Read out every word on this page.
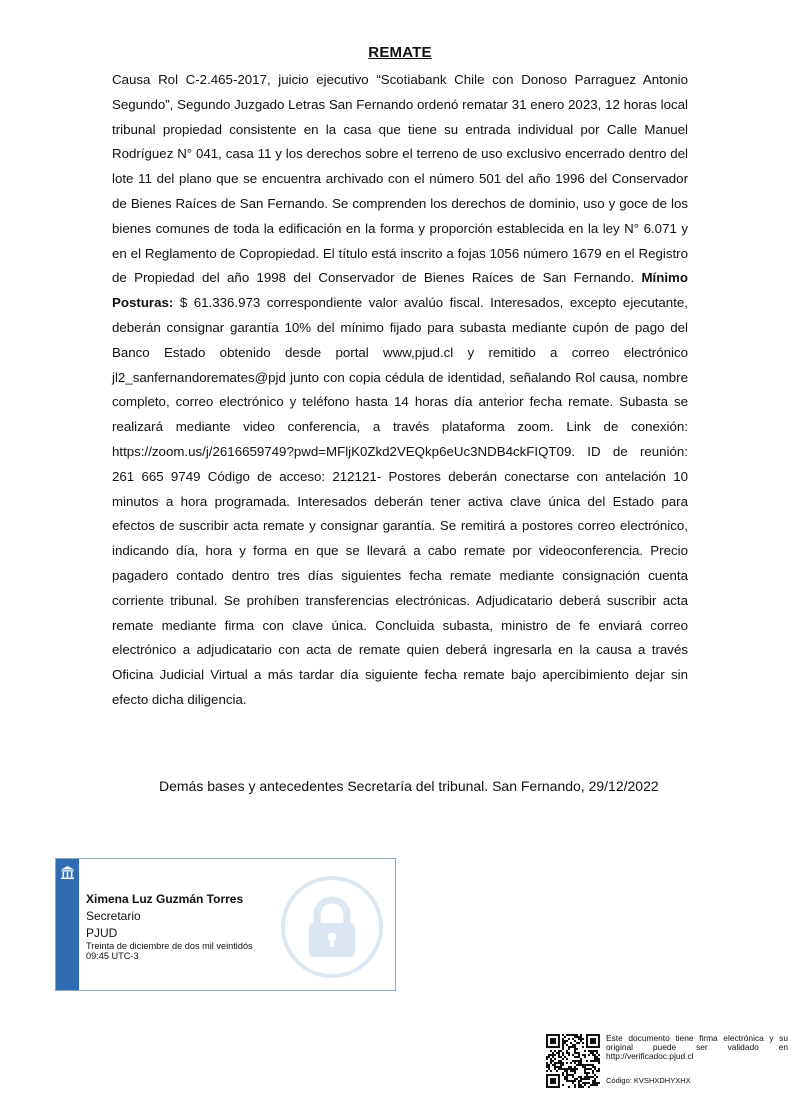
REMATE

Causa Rol C-2.465-2017, juicio ejecutivo “Scotiabank Chile con Donoso Parraguez Antonio Segundo”, Segundo Juzgado Letras San Fernando ordenó rematar 31 enero 2023, 12 horas local tribunal propiedad consistente en la casa que tiene su entrada individual por Calle Manuel Rodríguez N° 041, casa 11 y los derechos sobre el terreno de uso exclusivo encerrado dentro del lote 11 del plano que se encuentra archivado con el número 501 del año 1996 del Conservador de Bienes Raíces de San Fernando. Se comprenden los derechos de dominio, uso y goce de los bienes comunes de toda la edificación en la forma y proporción establecida en la ley N° 6.071 y en el Reglamento de Copropiedad. El título está inscrito a fojas 1056 número 1679 en el Registro de Propiedad del año 1998 del Conservador de Bienes Raíces de San Fernando. Mínimo Posturas: $ 61.336.973 correspondiente valor avalúo fiscal. Interesados, excepto ejecutante, deberán consignar garantía 10% del mínimo fijado para subasta mediante cupón de pago del Banco Estado obtenido desde portal www,pjud.cl y remitido a correo electrónico jl2_sanfernandoremates@pjd junto con copia cédula de identidad, señalando Rol causa, nombre completo, correo electrónico y teléfono hasta 14 horas día anterior fecha remate. Subasta se realizará mediante video conferencia, a través plataforma zoom. Link de conexión: https://zoom.us/j/2616659749?pwd=MFljK0Zkd2VEQkp6eUc3NDB4ckFIQT09. ID de reunión: 261 665 9749 Código de acceso: 212121- Postores deberán conectarse con antelación 10 minutos a hora programada. Interesados deberán tener activa clave única del Estado para efectos de suscribir acta remate y consignar garantía. Se remitirá a postores correo electrónico, indicando día, hora y forma en que se llevará a cabo remate por videoconferencia. Precio pagadero contado dentro tres días siguientes fecha remate mediante consignación cuenta corriente tribunal. Se prohíben transferencias electrónicas. Adjudicatario deberá suscribir acta remate mediante firma con clave única. Concluida subasta, ministro de fe enviará correo electrónico a adjudicatario con acta de remate quien deberá ingresarla en la causa a través Oficina Judicial Virtual a más tardar día siguiente fecha remate bajo apercibimiento dejar sin efecto dicha diligencia.

Demás bases y antecedentes Secretaría del tribunal. San Fernando, 29/12/2022
Ximena Luz Guzmán Torres
Secretario
PJUD
Treinta de diciembre de dos mil veintidós
09:45 UTC-3
Este documento tiene firma electrónica y su original puede ser validado en http://verificadoc.pjud.cl
Código: KVSHXDHYXHX
